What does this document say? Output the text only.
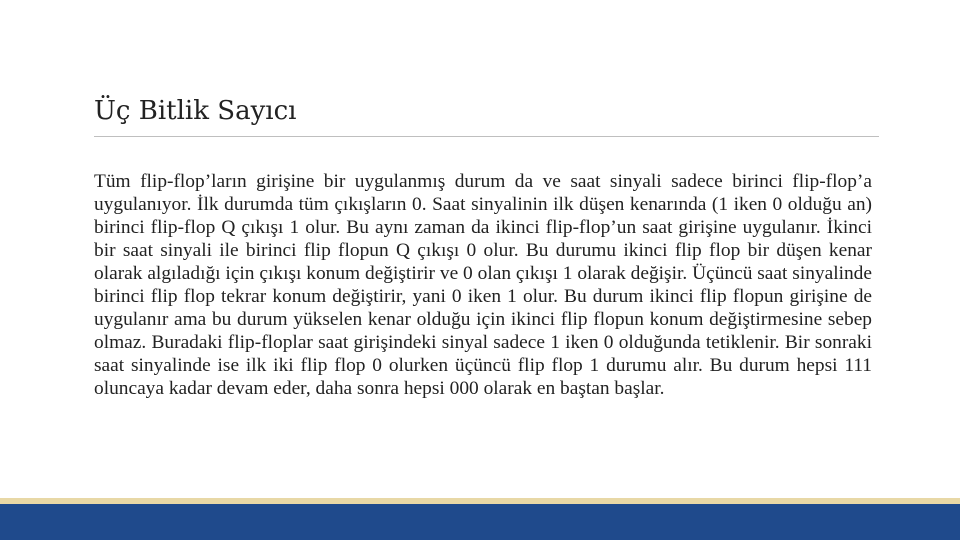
Üç Bitlik Sayıcı

Tüm flip-flop’ların girişine bir uygulanmış durum da ve saat sinyali sadece birinci flip-flop’a uygulanıyor. İlk durumda tüm çıkışların 0. Saat sinyalinin ilk düşen kenarında (1 iken 0 olduğu an) birinci flip-flop Q çıkışı 1 olur. Bu aynı zaman da ikinci flip-flop’un saat girişine uygulanır. İkinci bir saat sinyali ile birinci flip flopun Q çıkışı 0 olur. Bu durumu ikinci flip flop bir düşen kenar olarak algıladığı için çıkışı konum değiştirir ve 0 olan çıkışı 1 olarak değişir. Üçüncü saat sinyalinde birinci flip flop tekrar konum değiştirir, yani 0 iken 1 olur. Bu durum ikinci flip flopun girişine de uygulanır ama bu durum yükselen kenar olduğu için ikinci flip flopun konum değiştirmesine sebep olmaz. Buradaki flip-floplar saat girişindeki sinyal sadece 1 iken 0 olduğunda tetiklenir. Bir sonraki saat sinyalinde ise ilk iki flip flop 0 olurken üçüncü flip flop 1 durumu alır. Bu durum hepsi 111 oluncaya kadar devam eder, daha sonra hepsi 000 olarak en baştan başlar.
